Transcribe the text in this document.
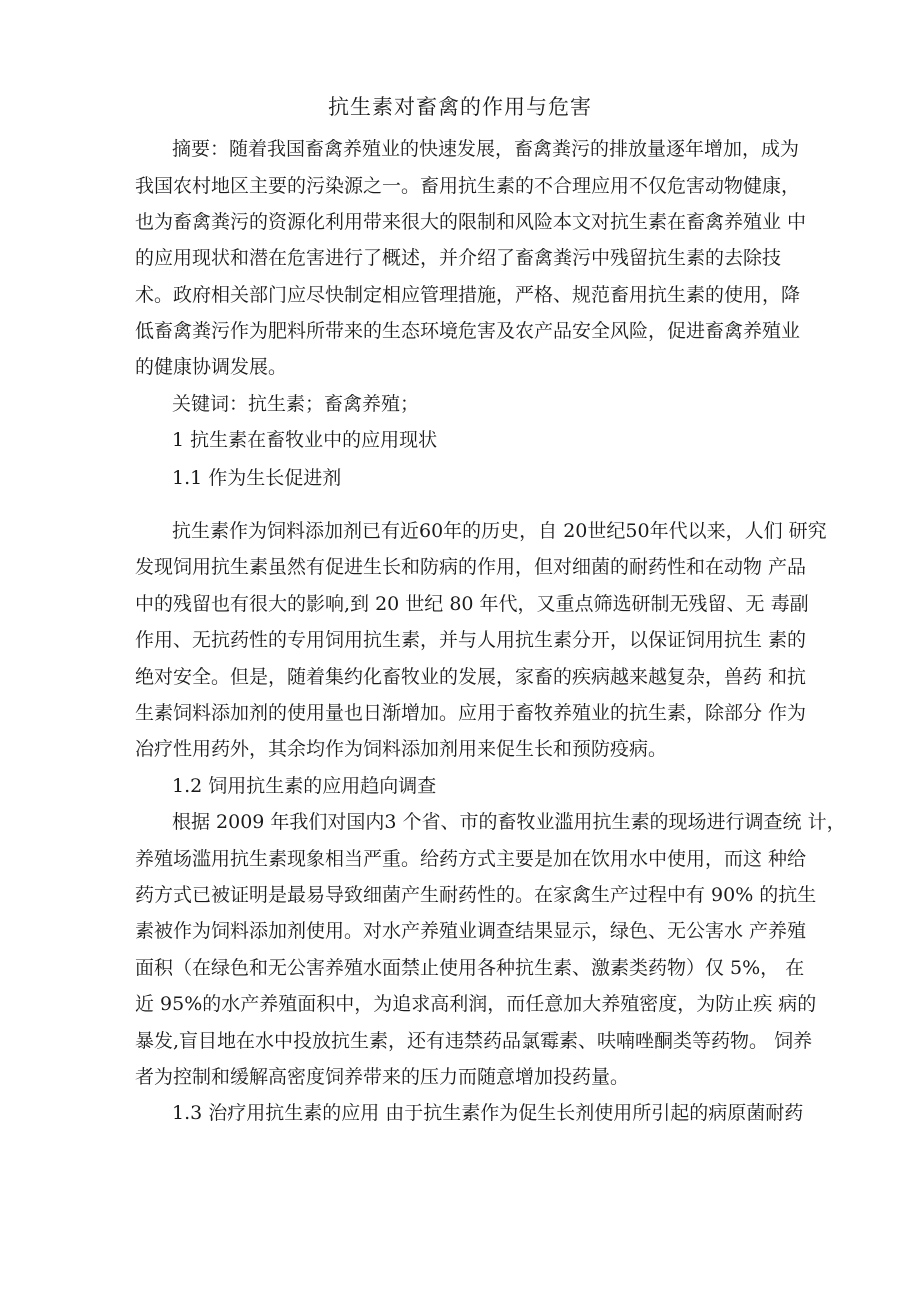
抗生素对畜禽的作用与危害
摘要：随着我国畜禽养殖业的快速发展，畜禽粪污的排放量逐年增加，成为
我国农村地区主要的污染源之一。畜用抗生素的不合理应用不仅危害动物健康，
也为畜禽粪污的资源化利用带来很大的限制和风险本文对抗生素在畜禽养殖业 中
的应用现状和潜在危害进行了概述，并介绍了畜禽粪污中残留抗生素的去除技
术。政府相关部门应尽快制定相应管理措施，严格、规范畜用抗生素的使用，降
低畜禽粪污作为肥料所带来的生态环境危害及农产品安全风险，促进畜禽养殖业
的健康协调发展。
关键词：抗生素；畜禽养殖；
1 抗生素在畜牧业中的应用现状
1.1 作为生长促进剂
抗生素作为饲料添加剂已有近60年的历史，自 20世纪50年代以来，人们 研究
发现饲用抗生素虽然有促进生长和防病的作用，但对细菌的耐药性和在动物 产品
中的残留也有很大的影响,到 20 世纪 80 年代，又重点筛选研制无残留、无 毒副
作用、无抗药性的专用饲用抗生素，并与人用抗生素分开，以保证饲用抗生 素的
绝对安全。但是，随着集约化畜牧业的发展，家畜的疾病越来越复杂，兽药 和抗
生素饲料添加剂的使用量也日渐增加。应用于畜牧养殖业的抗生素，除部分 作为
冶疗性用药外，其余均作为饲料添加剂用来促生长和预防疫病。
1.2 饲用抗生素的应用趋向调查
根据 2009 年我们对国内3 个省、市的畜牧业滥用抗生素的现场进行调查统 计，
养殖场滥用抗生素现象相当严重。给药方式主要是加在饮用水中使用，而这 种给
药方式已被证明是最易导致细菌产生耐药性的。在家禽生产过程中有 90% 的抗生
素被作为饲料添加剂使用。对水产养殖业调查结果显示，绿色、无公害水 产养殖
面积（在绿色和无公害养殖水面禁止使用各种抗生素、激素类药物）仅 5%， 在
近 95%的水产养殖面积中，为追求高利润，而任意加大养殖密度，为防止疾 病的
暴发,盲目地在水中投放抗生素，还有违禁药品氯霉素、呋喃唑酮类等药物。 饲养
者为控制和缓解高密度饲养带来的压力而随意增加投药量。
1.3 治疗用抗生素的应用 由于抗生素作为促生长剂使用所引起的病原菌耐药
